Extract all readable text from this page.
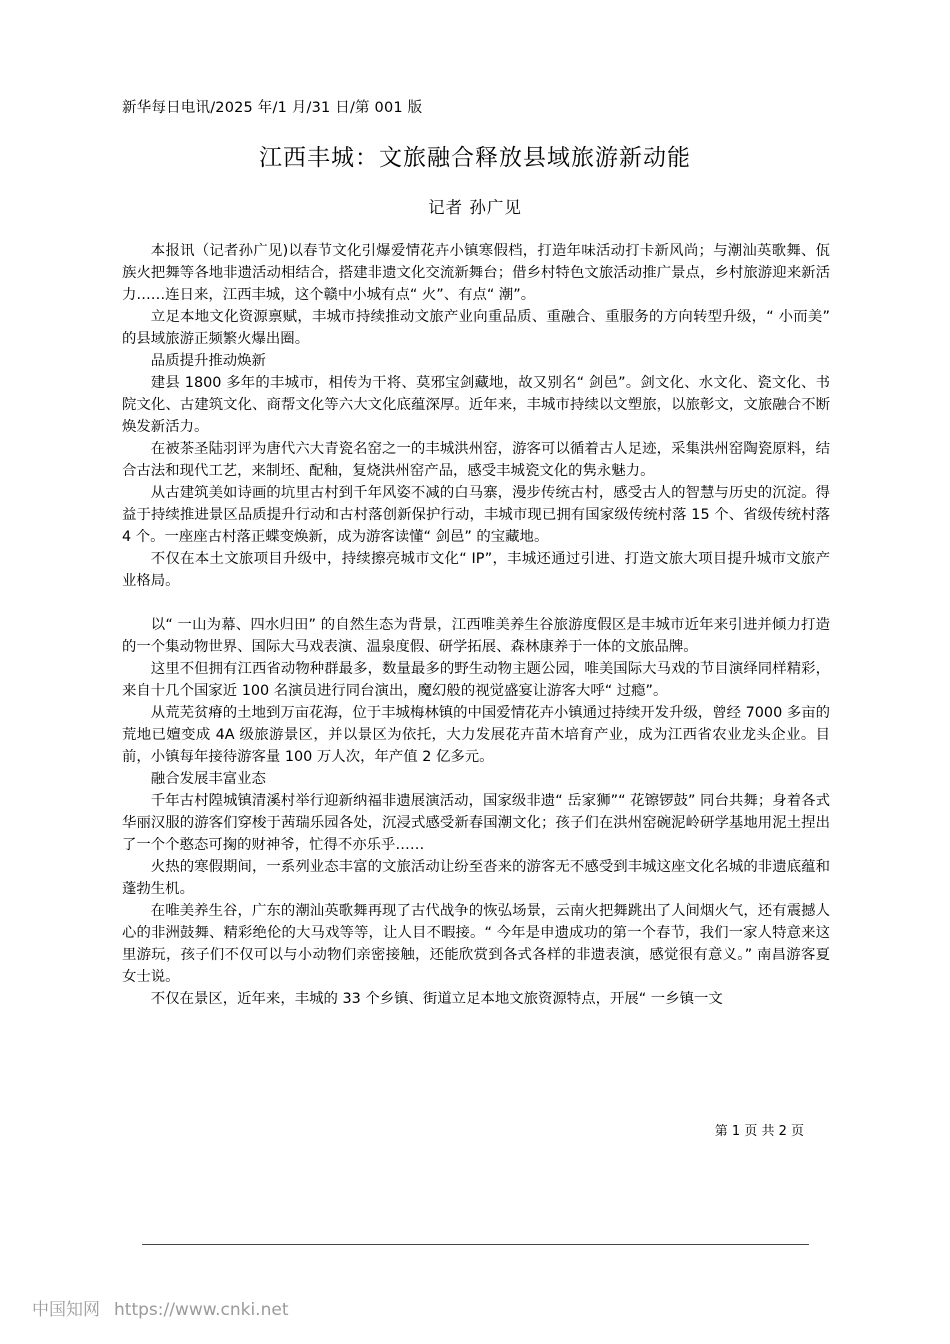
新华每日电讯/2025 年/1 月/31 日/第 001 版
江西丰城：文旅融合释放县域旅游新动能
记者 孙广见

本报讯（记者孙广见)以春节文化引爆爱情花卉小镇寒假档，打造年味活动打卡新风尚；与潮汕英歌舞、佤族火把舞等各地非遗活动相结合，搭建非遗文化交流新舞台；借乡村特色文旅活动推广景点，乡村旅游迎来新活力……连日来，江西丰城，这个赣中小城有点“ 火”、有点“ 潮”。

立足本地文化资源禀赋，丰城市持续推动文旅产业向重品质、重融合、重服务的方向转型升级，“ 小而美” 的县域旅游正频繁火爆出圈。

品质提升推动焕新

建县 1800 多年的丰城市，相传为干将、莫邪宝剑藏地，故又别名“ 剑邑”。剑文化、水文化、瓷文化、书院文化、古建筑文化、商帮文化等六大文化底蕴深厚。近年来，丰城市持续以文塑旅，以旅彰文，文旅融合不断焕发新活力。

在被茶圣陆羽评为唐代六大青瓷名窑之一的丰城洪州窑，游客可以循着古人足迹，采集洪州窑陶瓷原料，结合古法和现代工艺，来制坯、配釉，复烧洪州窑产品，感受丰城瓷文化的隽永魅力。

从古建筑美如诗画的坑里古村到千年风姿不减的白马寨，漫步传统古村，感受古人的智慧与历史的沉淀。得益于持续推进景区品质提升行动和古村落创新保护行动，丰城市现已拥有国家级传统村落 15 个、省级传统村落 4 个。一座座古村落正蝶变焕新，成为游客读懂“ 剑邑” 的宝藏地。

不仅在本土文旅项目升级中，持续擦亮城市文化“ IP”，丰城还通过引进、打造文旅大项目提升城市文旅产业格局。

以“ 一山为幕、四水归田” 的自然生态为背景，江西唯美养生谷旅游度假区是丰城市近年来引进并倾力打造的一个集动物世界、国际大马戏表演、温泉度假、研学拓展、森林康养于一体的文旅品牌。

这里不但拥有江西省动物种群最多，数量最多的野生动物主题公园，唯美国际大马戏的节目演绎同样精彩，来自十几个国家近 100 名演员进行同台演出，魔幻般的视觉盛宴让游客大呼“ 过瘾”。

从荒芜贫瘠的土地到万亩花海，位于丰城梅林镇的中国爱情花卉小镇通过持续开发升级，曾经 7000 多亩的荒地已嬗变成 4A 级旅游景区，并以景区为依托，大力发展花卉苗木培育产业，成为江西省农业龙头企业。目前，小镇每年接待游客量 100 万人次，年产值 2 亿多元。

融合发展丰富业态

千年古村隍城镇清溪村举行迎新纳福非遗展演活动，国家级非遗“ 岳家狮”“ 花镲锣鼓” 同台共舞；身着各式华丽汉服的游客们穿梭于茜瑞乐园各处，沉浸式感受新春国潮文化；孩子们在洪州窑碗泥岭研学基地用泥土捏出了一个个憨态可掬的财神爷，忙得不亦乐乎……

火热的寒假期间，一系列业态丰富的文旅活动让纷至沓来的游客无不感受到丰城这座文化名城的非遗底蕴和蓬勃生机。

在唯美养生谷，广东的潮汕英歌舞再现了古代战争的恢弘场景，云南火把舞跳出了人间烟火气，还有震撼人心的非洲鼓舞、精彩绝伦的大马戏等等，让人目不暇接。“ 今年是申遗成功的第一个春节，我们一家人特意来这里游玩，孩子们不仅可以与小动物们亲密接触，还能欣赏到各式各样的非遗表演，感觉很有意义。” 南昌游客夏女士说。

不仅在景区，近年来，丰城的 33 个乡镇、街道立足本地文旅资源特点，开展“ 一乡镇一文

第 1 页 共 2 页
中国知网 https://www.cnki.net
